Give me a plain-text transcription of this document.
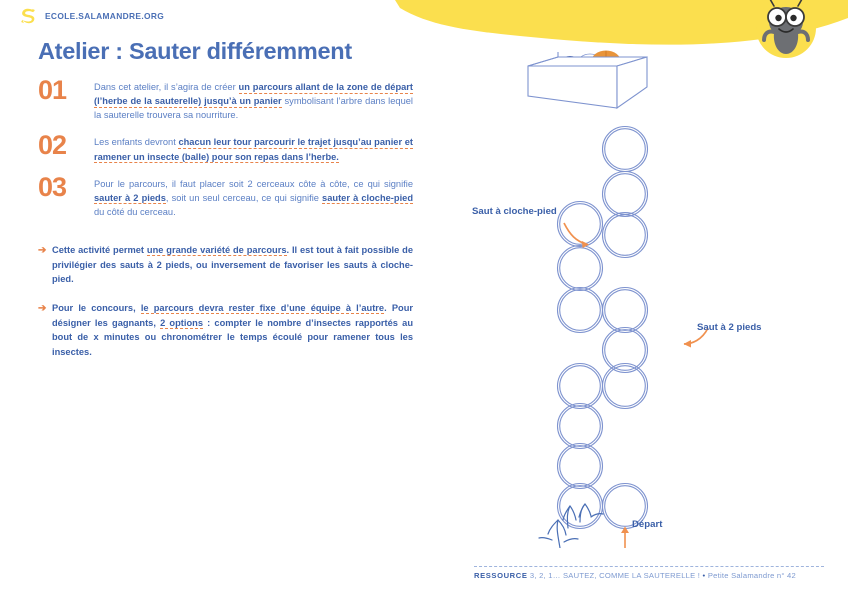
ECOLE.SALAMANDRE.ORG
Atelier : Sauter différemment
01	Dans cet atelier, il s’agira de créer un parcours allant de la zone de départ (l’herbe de la sauterelle) jusqu’à un panier symbolisant l’arbre dans lequel la sauterelle trouvera sa nourriture.
02	Les enfants devront chacun leur tour parcourir le trajet jusqu’au panier et ramener un insecte (balle) pour son repas dans l’herbe.
03	Pour le parcours, il faut placer soit 2 cerceaux côte à côte, ce qui signifie sauter à 2 pieds, soit un seul cerceau, ce qui signifie sauter à cloche-pied du côté du cerceau.
➔ Cette activité permet une grande variété de parcours. Il est tout à fait possible de privilégier des sauts à 2 pieds, ou inversement de favoriser les sauts à cloche-pied.
➔ Pour le concours, le parcours devra rester fixe d’une équipe à l’autre. Pour désigner les gagnants, 2 options : compter le nombre d’insectes rapportés au bout de x minutes ou chronométrer le temps écoulé pour ramener tous les insectes.
Saut à cloche-pied
Saut à 2 pieds
Départ
RESSOURCE 3, 2, 1… SAUTEZ, COMME LA SAUTERELLE ! • Petite Salamandre n° 42
